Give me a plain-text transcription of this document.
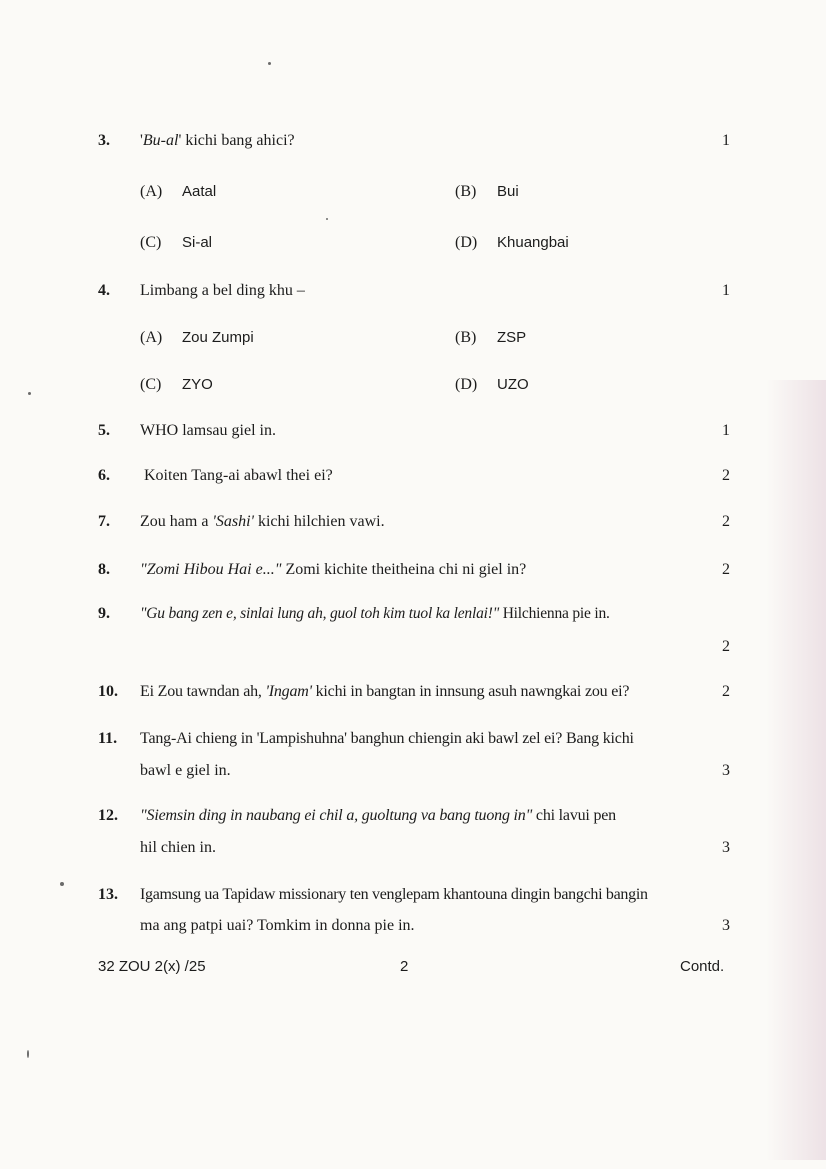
3. 'Bu-al' kichi bang ahici?	1
(A) Aatal	(B) Bui
(C) Si-al	(D) Khuangbai
4. Limbang a bel ding khu –	1
(A) Zou Zumpi	(B) ZSP
(C) ZYO	(D) UZO
5. WHO lamsau giel in.	1
6. Koiten Tang-ai abawl thei ei?	2
7. Zou ham a 'Sashi' kichi hilchien vawi.	2
8. "Zomi Hibou Hai e..." Zomi kichite theitheina chi ni giel in?	2
9. "Gu bang zen e, sinlai lung ah, guol toh kim tuol ka lenlai!" Hilchienna pie in.
2
10. Ei Zou tawndan ah, 'Ingam' kichi in bangtan in innsung asuh nawngkai zou ei?	2
11. Tang-Ai chieng in 'Lampishuhna' banghun chiengin aki bawl zel ei? Bang kichi
bawl e giel in.	3
12. "Siemsin ding in naubang ei chil a, guoltung va bang tuong in" chi lavui pen
hil chien in.	3
13. Igamsung ua Tapidaw missionary ten venglepam khantouna dingin bangchi bangin
ma ang patpi uai? Tomkim in donna pie in.	3
32 ZOU 2(x) /25	2	Contd.
